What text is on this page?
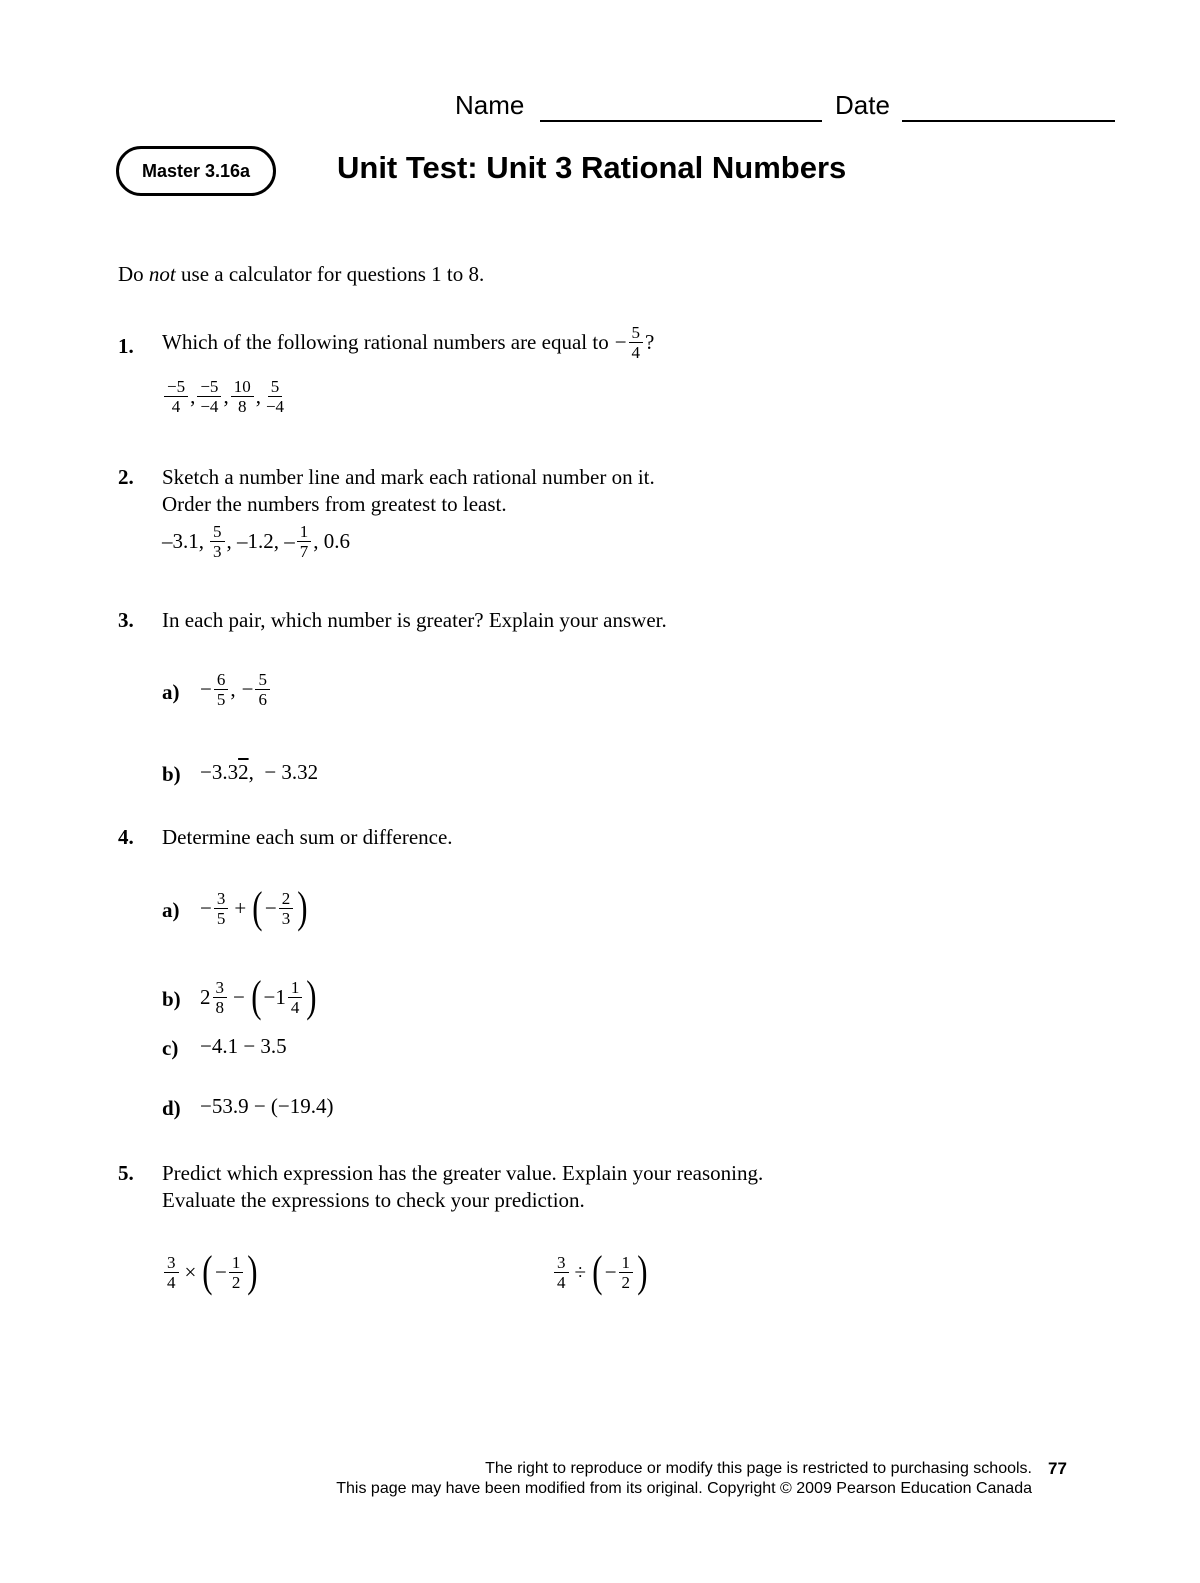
Name	Date
Master 3.16a	Unit Test: Unit 3 Rational Numbers
Do not use a calculator for questions 1 to 8.
1. Which of the following rational numbers are equal to − $\frac{5}{4}$ ?
$\frac{-5}{4}$ , $\frac{-5}{-4}$ , $\frac{10}{8}$ , $\frac{5}{-4}$
2. Sketch a number line and mark each rational number on it.
Order the numbers from greatest to least.
–3.1, $\frac{5}{3}$ , –1.2, – $\frac{1}{7}$ , 0.6
3. In each pair, which number is greater? Explain your answer.
$a) - \frac{6}{5}$ , − $\frac{5}{6}$
b) −3.3 2 ,  − 3.32
4. Determine each sum or difference.
$a) - \frac{3}{5}$ + ( − $\frac{2}{3}$ )
b) $2 \frac{3}{8}$ − ( $-1 \frac{1}{4}$ )
c) −4.1 − 3.5
d) −53.9 − (−19.4)
5. Predict which expression has the greater value. Explain your reasoning.
Evaluate the expressions to check your prediction.
$\frac{3}{4}$ × ( − $\frac{1}{2}$ )	$\frac{3}{4}$ ÷ ( − $\frac{1}{2}$ )
The right to reproduce or modify this page is restricted to purchasing schools. 77
This page may have been modified from its original. Copyright © 2009 Pearson Education Canada
